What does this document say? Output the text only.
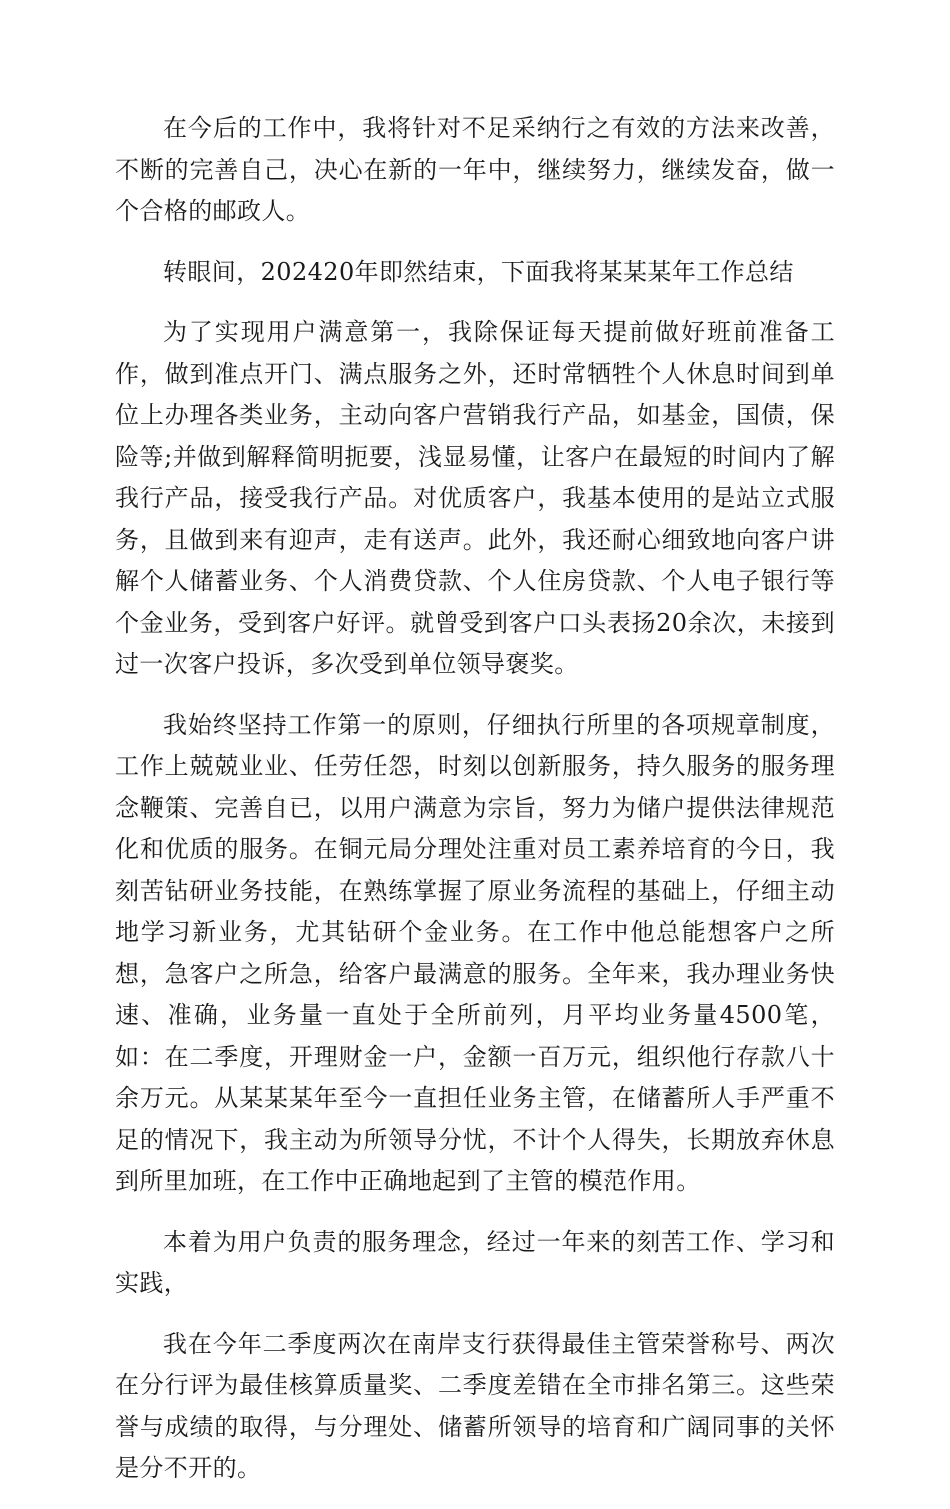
在今后的工作中，我将针对不足采纳行之有效的方法来改善，不断的完善自己，决心在新的一年中，继续努力，继续发奋，做一个合格的邮政人。

转眼间，202420年即然结束，下面我将某某某年工作总结

为了实现用户满意第一，我除保证每天提前做好班前准备工作，做到准点开门、满点服务之外，还时常牺牲个人休息时间到单位上办理各类业务，主动向客户营销我行产品，如基金，国债，保险等;并做到解释简明扼要，浅显易懂，让客户在最短的时间内了解我行产品，接受我行产品。对优质客户，我基本使用的是站立式服务，且做到来有迎声，走有送声。此外，我还耐心细致地向客户讲解个人储蓄业务、个人消费贷款、个人住房贷款、个人电子银行等个金业务，受到客户好评。就曾受到客户口头表扬20余次，未接到过一次客户投诉，多次受到单位领导褒奖。

我始终坚持工作第一的原则，仔细执行所里的各项规章制度，工作上兢兢业业、任劳任怨，时刻以创新服务，持久服务的服务理念鞭策、完善自已，以用户满意为宗旨，努力为储户提供法律规范化和优质的服务。在铜元局分理处注重对员工素养培育的今日，我刻苦钻研业务技能，在熟练掌握了原业务流程的基础上，仔细主动地学习新业务，尤其钻研个金业务。在工作中他总能想客户之所想，急客户之所急，给客户最满意的服务。全年来，我办理业务快速、准确，业务量一直处于全所前列，月平均业务量4500笔，如：在二季度，开理财金一户，金额一百万元，组织他行存款八十余万元。从某某某年至今一直担任业务主管，在储蓄所人手严重不足的情况下，我主动为所领导分忧，不计个人得失，长期放弃休息到所里加班，在工作中正确地起到了主管的模范作用。

本着为用户负责的服务理念，经过一年来的刻苦工作、学习和实践，

我在今年二季度两次在南岸支行获得最佳主管荣誉称号、两次在分行评为最佳核算质量奖、二季度差错在全市排名第三。这些荣誉与成绩的取得，与分理处、储蓄所领导的培育和广阔同事的关怀是分不开的。
